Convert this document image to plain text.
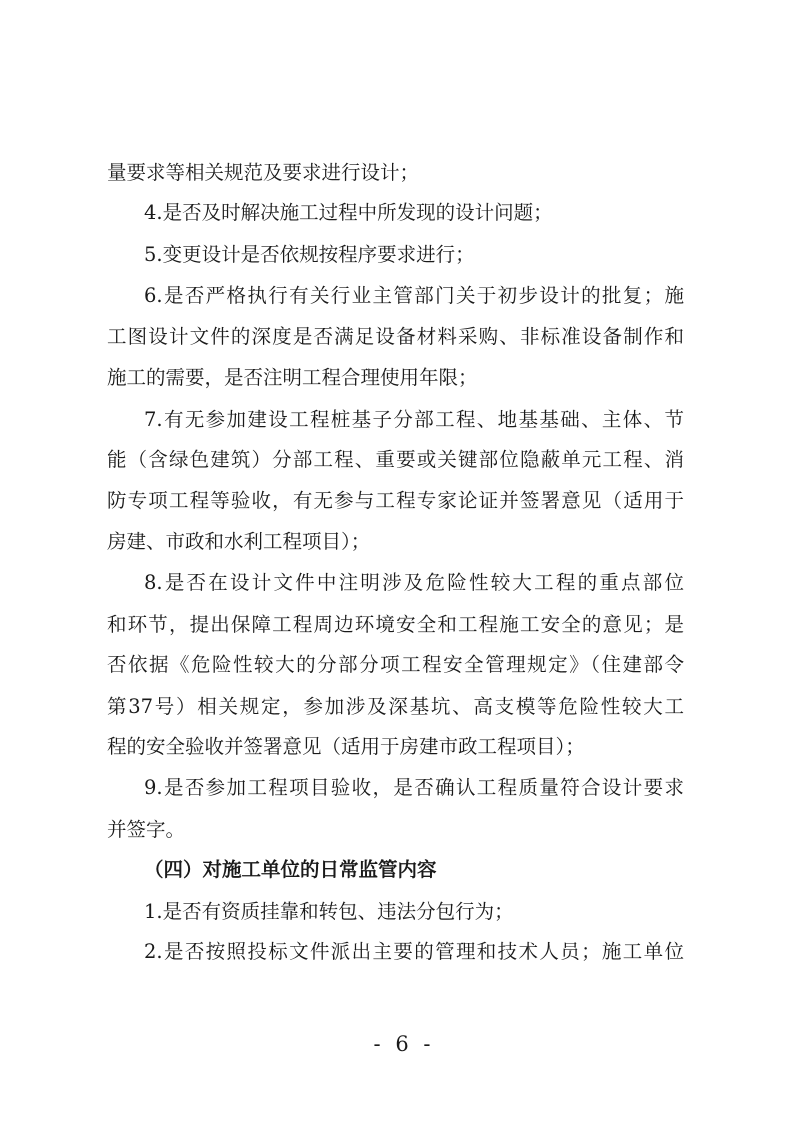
量要求等相关规范及要求进行设计；
4.是否及时解决施工过程中所发现的设计问题；
5.变更设计是否依规按程序要求进行；
6.是否严格执行有关行业主管部门关于初步设计的批复；施
工图设计文件的深度是否满足设备材料采购、非标准设备制作和
施工的需要，是否注明工程合理使用年限；
7.有无参加建设工程桩基子分部工程、地基基础、主体、节
能（含绿色建筑）分部工程、重要或关键部位隐蔽单元工程、消
防专项工程等验收，有无参与工程专家论证并签署意见（适用于
房建、市政和水利工程项目）；
8.是否在设计文件中注明涉及危险性较大工程的重点部位
和环节，提出保障工程周边环境安全和工程施工安全的意见；是
否依据《危险性较大的分部分项工程安全管理规定》（住建部令
第37号）相关规定，参加涉及深基坑、高支模等危险性较大工
程的安全验收并签署意见（适用于房建市政工程项目）；
9.是否参加工程项目验收，是否确认工程质量符合设计要求
并签字。
（四）对施工单位的日常监管内容
1.是否有资质挂靠和转包、违法分包行为；
2.是否按照投标文件派出主要的管理和技术人员；施工单位
- 6 -
